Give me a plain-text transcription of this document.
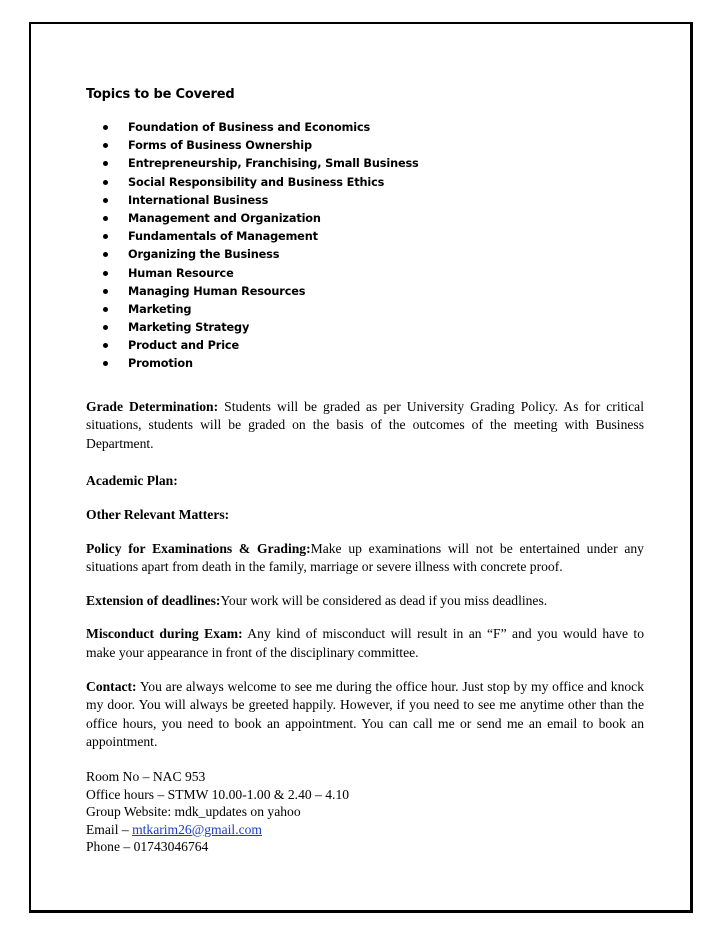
Topics to be Covered
Foundation of Business and Economics
Forms of Business Ownership
Entrepreneurship, Franchising, Small Business
Social Responsibility and Business Ethics
International Business
Management and Organization
Fundamentals of Management
Organizing the Business
Human Resource
Managing Human Resources
Marketing
Marketing Strategy
Product and Price
Promotion

Grade Determination: Students will be graded as per University Grading Policy. As for critical situations, students will be graded on the basis of the outcomes of the meeting with Business Department.

Academic Plan:

Other Relevant Matters:

Policy for Examinations & Grading:Make up examinations will not be entertained under any situations apart from death in the family, marriage or severe illness with concrete proof.

Extension of deadlines:Your work will be considered as dead if you miss deadlines.

Misconduct during Exam: Any kind of misconduct will result in an “F” and you would have to make your appearance in front of the disciplinary committee.

Contact: You are always welcome to see me during the office hour. Just stop by my office and knock my door. You will always be greeted happily. However, if you need to see me anytime other than the office hours, you need to book an appointment. You can call me or send me an email to book an appointment.

Room No – NAC 953
Office hours – STMW 10.00-1.00 & 2.40 – 4.10
Group Website: mdk_updates on yahoo
Email – mtkarim26@gmail.com
Phone – 01743046764
